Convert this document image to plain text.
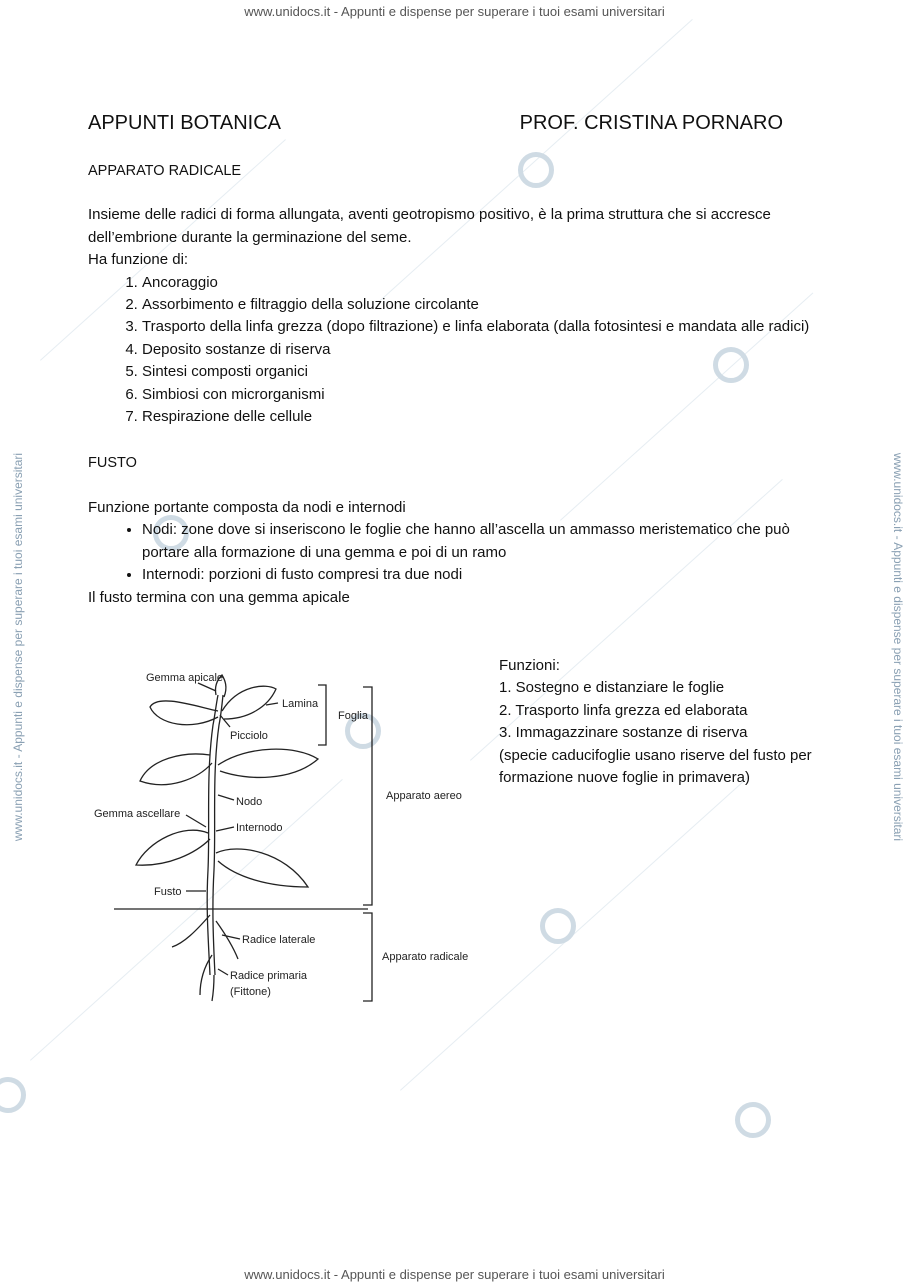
www.unidocs.it - Appunti e dispense per superare i tuoi esami universitari
www.unidocs.it - Appunti e dispense per superare i tuoi esami universitari
www.unidocs.it - Appunti e dispense per superare i tuoi esami universitari	www.unidocs.it - Appunti e dispense per superare i tuoi esami universitari
APPUNTI BOTANICA	PROF. CRISTINA PORNARO
APPARATO RADICALE
Insieme delle radici di forma allungata, aventi geotropismo positivo, è la prima struttura che si accresce dell’embrione durante la germinazione del seme.
Ha funzione di:
1. Ancoraggio
2. Assorbimento e filtraggio della soluzione circolante
3. Trasporto della linfa grezza (dopo filtrazione) e linfa elaborata (dalla fotosintesi e mandata alle radici)
4. Deposito sostanze di riserva
5. Sintesi composti organici
6. Simbiosi con microrganismi
7. Respirazione delle cellule
FUSTO
Funzione portante composta da nodi e internodi
• Nodi: zone dove si inseriscono le foglie che hanno all’ascella un ammasso meristematico che può portare alla formazione di una gemma e poi di un ramo
• Internodi: porzioni di fusto compresi tra due nodi
Il fusto termina con una gemma apicale
Gemma apicale
Lamina
Foglia
Picciolo
Apparato aereo
Nodo
Gemma ascellare
Internodo
Fusto
Radice laterale
Apparato radicale
Radice primaria
(Fittone)
Funzioni:
1. Sostegno e distanziare le foglie
2. Trasporto linfa grezza ed elaborata
3. Immagazzinare sostanze di riserva
(specie caducifoglie usano riserve del fusto per formazione nuove foglie in primavera)
